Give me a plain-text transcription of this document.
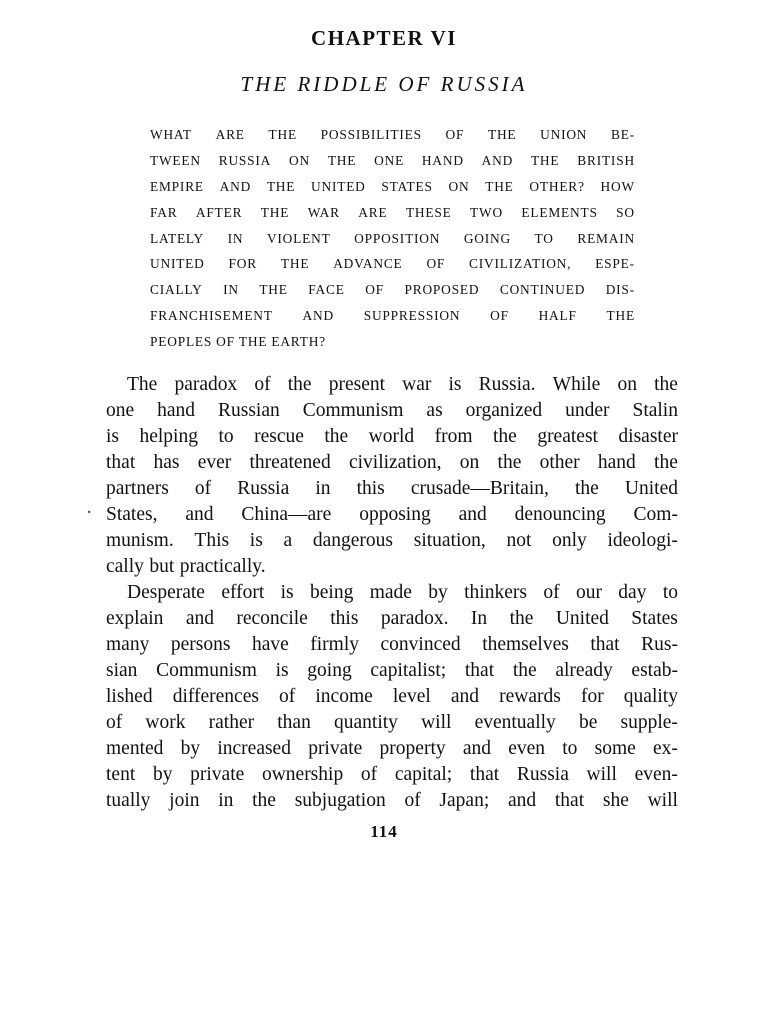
CHAPTER VI
THE RIDDLE OF RUSSIA
WHAT ARE THE POSSIBILITIES OF THE UNION BE-
TWEEN RUSSIA ON THE ONE HAND AND THE BRITISH
EMPIRE AND THE UNITED STATES ON THE OTHER? HOW
FAR AFTER THE WAR ARE THESE TWO ELEMENTS SO
LATELY IN VIOLENT OPPOSITION GOING TO REMAIN
UNITED FOR THE ADVANCE OF CIVILIZATION, ESPE-
CIALLY IN THE FACE OF PROPOSED CONTINUED DIS-
FRANCHISEMENT AND SUPPRESSION OF HALF THE
PEOPLES OF THE EARTH?
·
The paradox of the present war is Russia. While on the
one hand Russian Communism as organized under Stalin
is helping to rescue the world from the greatest disaster
that has ever threatened civilization, on the other hand the
partners of Russia in this crusade—Britain, the United
States, and China—are opposing and denouncing Com-
munism. This is a dangerous situation, not only ideologi-
cally but practically.
Desperate effort is being made by thinkers of our day to
explain and reconcile this paradox. In the United States
many persons have firmly convinced themselves that Rus-
sian Communism is going capitalist; that the already estab-
lished differences of income level and rewards for quality
of work rather than quantity will eventually be supple-
mented by increased private property and even to some ex-
tent by private ownership of capital; that Russia will even-
tually join in the subjugation of Japan; and that she will
114
